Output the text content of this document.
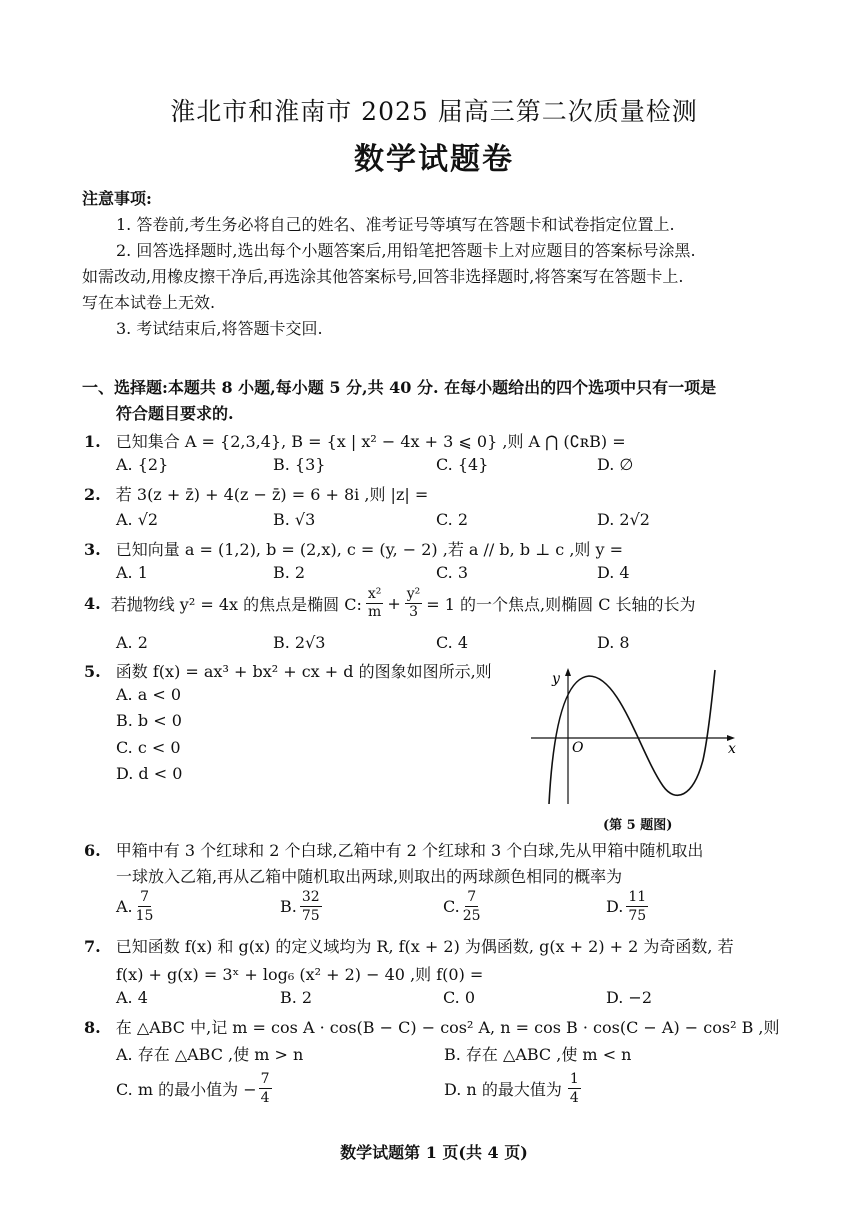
淮北市和淮南市 2025 届高三第二次质量检测
数学试题卷
注意事项:
1. 答卷前,考生务必将自己的姓名、准考证号等填写在答题卡和试卷指定位置上.
2. 回答选择题时,选出每个小题答案后,用铅笔把答题卡上对应题目的答案标号涂黑.
如需改动,用橡皮擦干净后,再选涂其他答案标号,回答非选择题时,将答案写在答题卡上.
写在本试卷上无效.
3. 考试结束后,将答题卡交回.
一、选择题:本题共 8 小题,每小题 5 分,共 40 分. 在每小题给出的四个选项中只有一项是
符合题目要求的.
1. 已知集合 A = {2,3,4}, B = {x | x² − 4x + 3 ⩽ 0} ,则 A ⋂ (∁ʀB) =
A. {2}	B. {3}	C. {4}	D. ∅
2. 若 3(z + z̄) + 4(z − z̄) = 6 + 8i ,则 |z| =
A. √2	B. √3	C. 2	D. 2√2
3. 已知向量 a = (1,2), b = (2,x), c = (y, − 2) ,若 a // b, b ⊥ c ,则 y =
A. 1	B. 2	C. 3	D. 4
4. 若抛物线 y² = 4x 的焦点是椭圆 C: $\frac{\text{x²}}{m} + \frac{\text{y²}}{3} = 1$ 的一个焦点,则椭圆 C 长轴的长为
A. 2	B. 2√3	C. 4	D. 8
5. 函数 f(x) = ax³ + bx² + cx + d 的图象如图所示,则
A. a < 0
B. b < 0
C. c < 0
D. d < 0
y
x
O
(第 5 题图)
6. 甲箱中有 3 个红球和 2 个白球,乙箱中有 2 个红球和 3 个白球,先从甲箱中随机取出
一球放入乙箱,再从乙箱中随机取出两球,则取出的两球颜色相同的概率为
A. $\frac{7}{15}$	B. $\frac{32}{75}$	C. $\frac{7}{25}$	D. $\frac{11}{75}$
7. 已知函数 f(x) 和 g(x) 的定义域均为 R, f(x + 2) 为偶函数, g(x + 2) + 2 为奇函数, 若
f(x) + g(x) = 3ˣ + log₆ (x² + 2) − 40 ,则 f(0) =
A. 4	B. 2	C. 0	D. −2
8. 在 △ABC 中,记 m = cos A · cos(B − C) − cos² A, n = cos B · cos(C − A) − cos² B ,则
A. 存在 △ABC ,使 m > n	B. 存在 △ABC ,使 m < n
C. m 的最小值为 − $\frac{7}{4}$	D. n 的最大值为 $\frac{1}{4}$
数学试题第 1 页(共 4 页)
